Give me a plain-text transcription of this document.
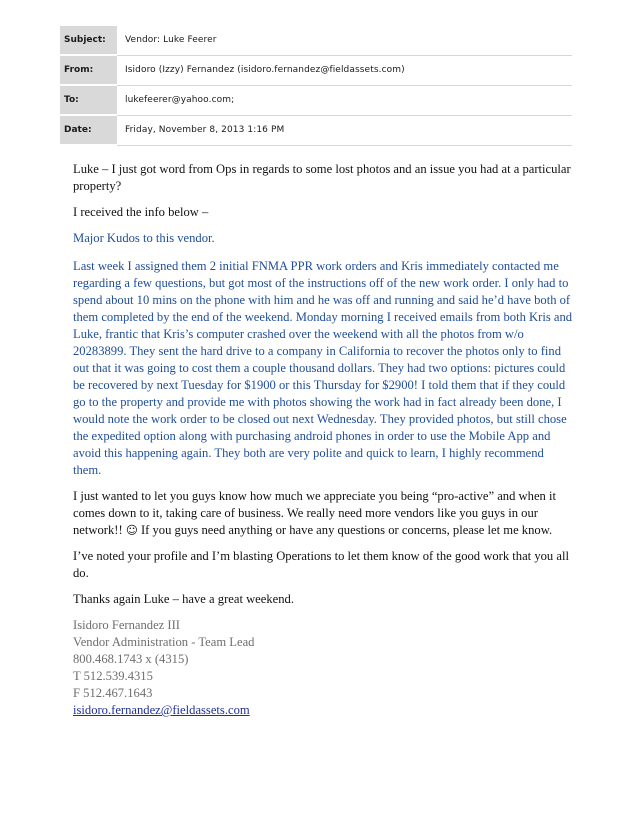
Subject:	Vendor: Luke Feerer
From:	Isidoro (Izzy) Fernandez (isidoro.fernandez@fieldassets.com)
To:	lukefeerer@yahoo.com;
Date:	Friday, November 8, 2013 1:16 PM

Luke – I just got word from Ops in regards to some lost photos and an issue you had at a particular property?

I received the info below –

Major Kudos to this vendor.

Last week I assigned them 2 initial FNMA PPR work orders and Kris immediately contacted me regarding a few questions, but got most of the instructions off of the new work order. I only had to spend about 10 mins on the phone with him and he was off and running and said he’d have both of them completed by the end of the weekend. Monday morning I received emails from both Kris and Luke, frantic that Kris’s computer crashed over the weekend with all the photos from w/o 20283899. They sent the hard drive to a company in California to recover the photos only to find out that it was going to cost them a couple thousand dollars. They had two options: pictures could be recovered by next Tuesday for $1900 or this Thursday for $2900! I told them that if they could go to the property and provide me with photos showing the work had in fact already been done, I would note the work order to be closed out next Wednesday. They provided photos, but still chose the expedited option along with purchasing android phones in order to use the Mobile App and avoid this happening again. They both are very polite and quick to learn, I highly recommend them.

I just wanted to let you guys know how much we appreciate you being “pro-active” and when it comes down to it, taking care of business. We really need more vendors like you guys in our network!! ☺ If you guys need anything or have any questions or concerns, please let me know.

I’ve noted your profile and I’m blasting Operations to let them know of the good work that you all do.

Thanks again Luke – have a great weekend.

Isidoro Fernandez III
Vendor Administration - Team Lead
800.468.1743 x (4315)
T 512.539.4315
F 512.467.1643
isidoro.fernandez@fieldassets.com
